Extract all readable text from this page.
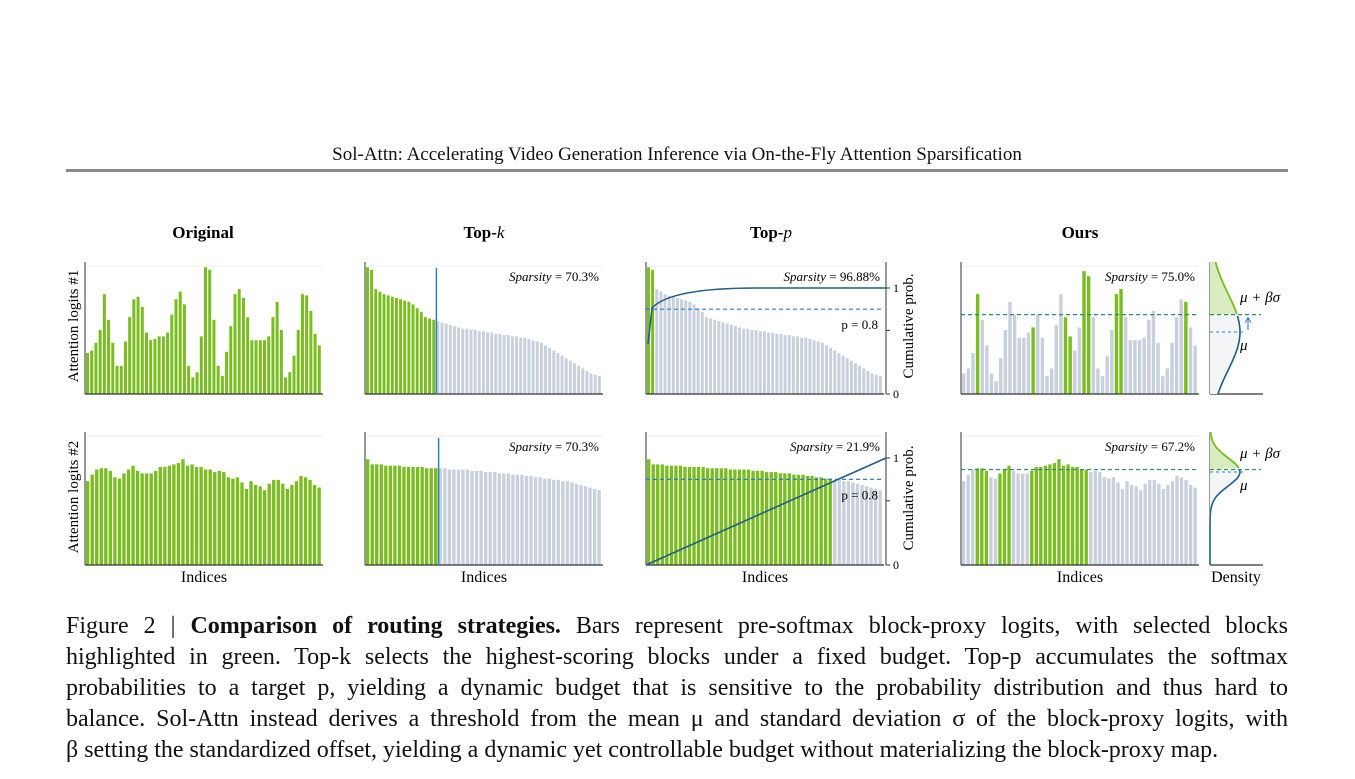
Sol-Attn: Accelerating Video Generation Inference via On-the-Fly Attention Sparsification
Original	Top-k	Top-p	Ours
Attention logits #1
Attention logits #2
Sparsity = 70.3%
1
0
p = 0.8
Sparsity = 96.88%
μ + βσ
μ
Sparsity = 75.0%
Sparsity = 70.3%
1
0
p = 0.8
Sparsity = 21.9%	μ + βσ
μ
Sparsity = 67.2%
Indices	Indices	Indices	Indices	Density
Cumulative prob.
Cumulative prob.
Figure 2 | Comparison of routing strategies. Bars represent pre-softmax block-proxy logits, with selected blocks
highlighted in green. Top-k selects the highest-scoring blocks under a fixed budget. Top-p accumulates the softmax
probabilities to a target p, yielding a dynamic budget that is sensitive to the probability distribution and thus hard to
balance. Sol-Attn instead derives a threshold from the mean μ and standard deviation σ of the block-proxy logits, with
β setting the standardized offset, yielding a dynamic yet controllable budget without materializing the block-proxy map.
